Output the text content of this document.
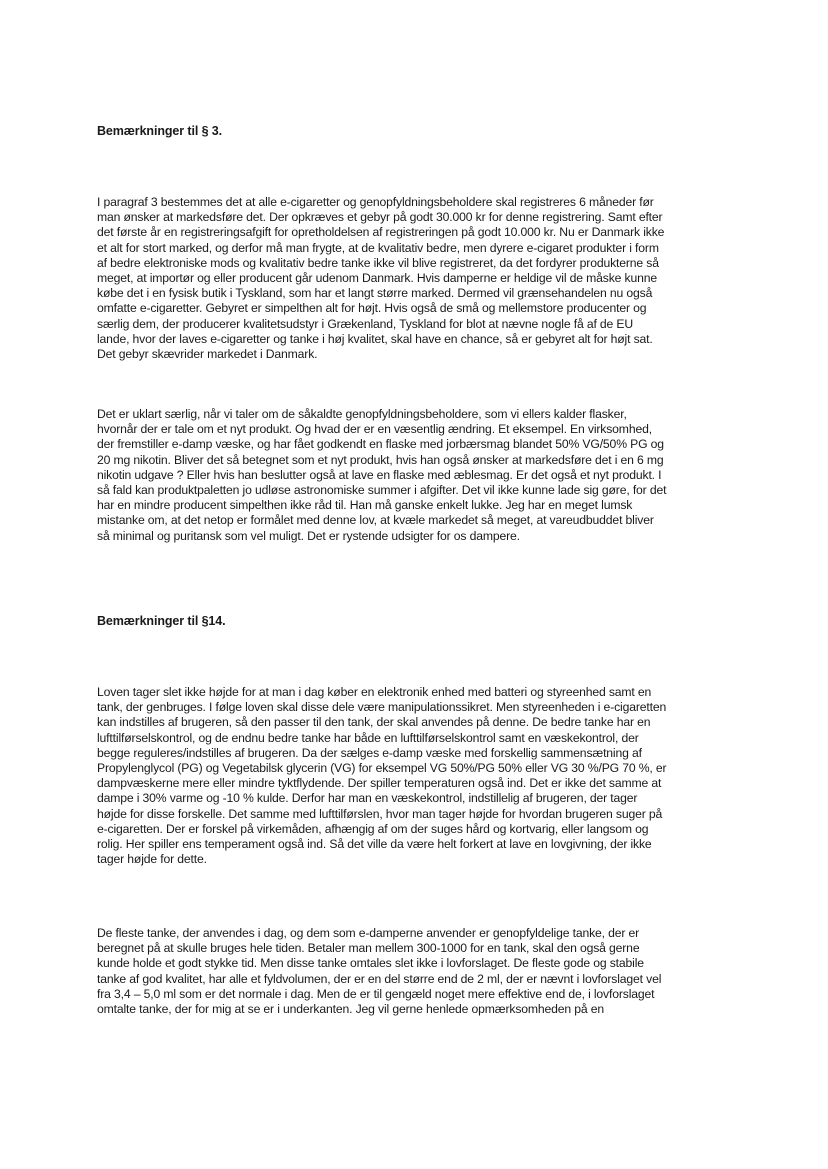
Bemærkninger til § 3.
I paragraf 3 bestemmes det at alle e-cigaretter og genopfyldningsbeholdere skal registreres 6 måneder før
man ønsker at markedsføre det. Der opkræves et gebyr på godt 30.000 kr for denne registrering. Samt efter
det første år en registreringsafgift for opretholdelsen af registreringen på godt 10.000 kr. Nu er Danmark ikke
et alt for stort marked, og derfor må man frygte, at de kvalitativ bedre, men dyrere e-cigaret produkter i form
af bedre elektroniske mods og kvalitativ bedre tanke ikke vil blive registreret, da det fordyrer produkterne så
meget, at importør og eller producent går udenom Danmark. Hvis damperne er heldige vil de måske kunne
købe det i en fysisk butik i Tyskland, som har et langt større marked. Dermed vil grænsehandelen nu også
omfatte e-cigaretter. Gebyret er simpelthen alt for højt. Hvis også de små og mellemstore producenter og
særlig dem, der producerer kvalitetsudstyr i Grækenland, Tyskland for blot at nævne nogle få af de EU
lande, hvor der laves e-cigaretter og tanke i høj kvalitet, skal have en chance, så er gebyret alt for højt sat.
Det gebyr skævrider markedet i Danmark.
Det er uklart særlig, når vi taler om de såkaldte genopfyldningsbeholdere, som vi ellers kalder flasker,
hvornår der er tale om et nyt produkt. Og hvad der er en væsentlig ændring. Et eksempel. En virksomhed,
der fremstiller e-damp væske, og har fået godkendt en flaske med jorbærsmag blandet 50% VG/50% PG og
20 mg nikotin. Bliver det så betegnet som et nyt produkt, hvis han også ønsker at markedsføre det i en 6 mg
nikotin udgave ? Eller hvis han beslutter også at lave en flaske med æblesmag. Er det også et nyt produkt. I
så fald kan produktpaletten jo udløse astronomiske summer i afgifter. Det vil ikke kunne lade sig gøre, for det
har en mindre producent simpelthen ikke råd til. Han må ganske enkelt lukke. Jeg har en meget lumsk
mistanke om, at det netop er formålet med denne lov, at kvæle markedet så meget, at vareudbuddet bliver
så minimal og puritansk som vel muligt. Det er rystende udsigter for os dampere.
Bemærkninger til §14.
Loven tager slet ikke højde for at man i dag køber en elektronik enhed med batteri og styreenhed samt en
tank, der genbruges. I følge loven skal disse dele være manipulationssikret. Men styreenheden i e-cigaretten
kan indstilles af brugeren, så den passer til den tank, der skal anvendes på denne. De bedre tanke har en
lufttilførselskontrol, og de endnu bedre tanke har både en lufttilførselskontrol samt en væskekontrol, der
begge reguleres/indstilles af brugeren. Da der sælges e-damp væske med forskellig sammensætning af
Propylenglycol (PG) og Vegetabilsk glycerin (VG) for eksempel VG 50%/PG 50% eller VG 30 %/PG 70 %, er
dampvæskerne mere eller mindre tyktflydende. Der spiller temperaturen også ind. Det er ikke det samme at
dampe i 30% varme og -10 % kulde. Derfor har man en væskekontrol, indstillelig af brugeren, der tager
højde for disse forskelle. Det samme med lufttilførslen, hvor man tager højde for hvordan brugeren suger på
e-cigaretten. Der er forskel på virkemåden, afhængig af om der suges hård og kortvarig, eller langsom og
rolig. Her spiller ens temperament også ind. Så det ville da være helt forkert at lave en lovgivning, der ikke
tager højde for dette.
De fleste tanke, der anvendes i dag, og dem som e-damperne anvender er genopfyldelige tanke, der er
beregnet på at skulle bruges hele tiden. Betaler man mellem 300-1000 for en tank, skal den også gerne
kunde holde et godt stykke tid. Men disse tanke omtales slet ikke i lovforslaget. De fleste gode og stabile
tanke af god kvalitet, har alle et fyldvolumen, der er en del større end de 2 ml, der er nævnt i lovforslaget vel
fra 3,4 – 5,0 ml som er det normale i dag. Men de er til gengæld noget mere effektive end de, i lovforslaget
omtalte tanke, der for mig at se er i underkanten. Jeg vil gerne henlede opmærksomheden på en
